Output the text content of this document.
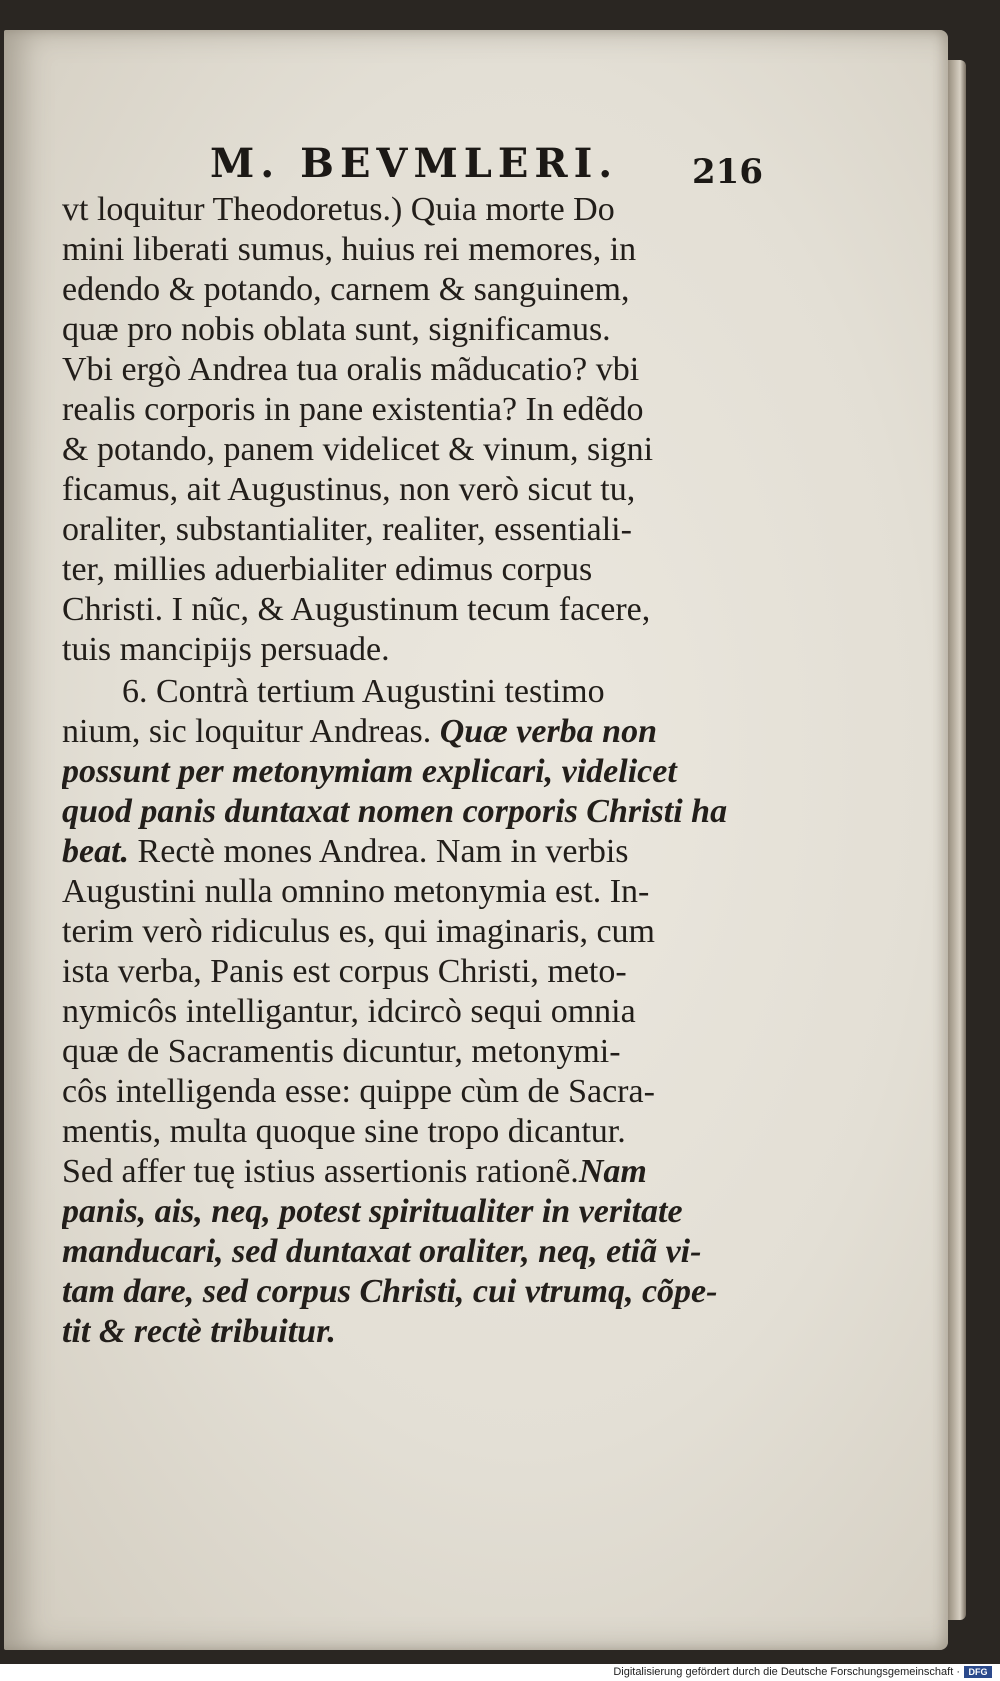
M. BEVMLERI. 216
vt loquitur Theodoretus.) Quia morte Do
mini liberati sumus, huius rei memores, in
edendo & potando, carnem & sanguinem,
quæ pro nobis oblata sunt, significamus.
Vbi ergò Andrea tua oralis mãducatio? vbi
realis corporis in pane existentia? In edẽdo
& potando, panem videlicet & vinum, signi
ficamus, ait Augustinus, non verò sicut tu,
oraliter, substantialiter, realiter, essentiali-
ter, millies aduerbialiter edimus corpus
Christi. I nũc, & Augustinum tecum facere,
tuis mancipijs persuade.
6. Contrà tertium Augustini testimo
nium, sic loquitur Andreas. Quæ verba non
possunt per metonymiam explicari, videlicet
quod panis duntaxat nomen corporis Christi ha
beat. Rectè mones Andrea. Nam in verbis
Augustini nulla omnino metonymia est. In-
terim verò ridiculus es, qui imaginaris, cum
ista verba, Panis est corpus Christi, meto-
nymicôs intelligantur, idcircò sequi omnia
quæ de Sacramentis dicuntur, metonymi-
côs intelligenda esse: quippe cùm de Sacra-
mentis, multa quoque sine tropo dicantur.
Sed affer tuę istius assertionis rationẽ.Nam
panis, ais, neq, potest spiritualiter in veritate
manducari, sed duntaxat oraliter, neq, etiã vi-
tam dare, sed corpus Christi, cui vtrumq, cõpe-
tit & rectè tribuitur.
Digitalisierung gefördert durch die Deutsche Forschungsgemeinschaft · DFG
